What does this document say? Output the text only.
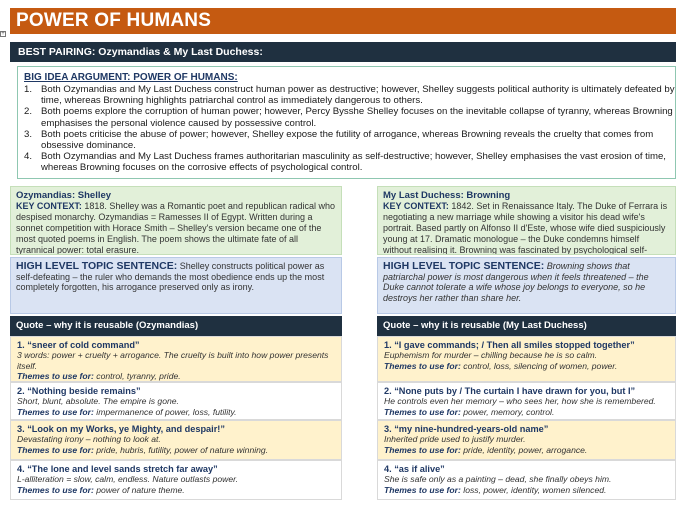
+
POWER OF HUMANS
BEST PAIRING: Ozymandias & My Last Duchess:
BIG IDEA ARGUMENT: POWER OF HUMANS:
1. Both Ozymandias and My Last Duchess construct human power as destructive; however, Shelley suggests political authority is ultimately defeated by
time, whereas Browning highlights patriarchal control as immediately dangerous to others.
2. Both poems explore the corruption of human power; however, Percy Bysshe Shelley focuses on the inevitable collapse of tyranny, whereas Browning
emphasises the personal violence caused by possessive control.
3. Both poets criticise the abuse of power; however, Shelley expose the futility of arrogance, whereas Browning reveals the cruelty that comes from
obsessive dominance.
4. Both Ozymandias and My Last Duchess frames authoritarian masculinity as self-destructive; however, Shelley emphasises the vast erosion of time,
whereas Browning focuses on the corrosive effects of psychological control.
Ozymandias: Shelley
KEY CONTEXT: 1818. Shelley was a Romantic poet and republican radical who despised monarchy. Ozymandias = Ramesses II of Egypt. Written during a sonnet competition with Horace Smith – Shelley's version became one of the most quoted poems in English. The poem shows the ultimate fate of all tyrannical power: total erasure.
HIGH LEVEL TOPIC SENTENCE: Shelley constructs political power as self-defeating – the ruler who demands the most obedience ends up the most completely forgotten, his arrogance preserved only as irony.
Quote – why it is reusable (Ozymandias)
1. “sneer of cold command”
3 words: power + cruelty + arrogance. The cruelty is built into how power presents itself.
Themes to use for: control, tyranny, pride.
2. “Nothing beside remains”
Short, blunt, absolute. The empire is gone.
Themes to use for: impermanence of power, loss, futility.
3. “Look on my Works, ye Mighty, and despair!”
Devastating irony – nothing to look at.
Themes to use for: pride, hubris, futility, power of nature winning.
4. “The lone and level sands stretch far away”
L-alliteration = slow, calm, endless. Nature outlasts power.
Themes to use for: power of nature theme.
My Last Duchess: Browning
KEY CONTEXT: 1842. Set in Renaissance Italy. The Duke of Ferrara is negotiating a new marriage while showing a visitor his dead wife's portrait. Based partly on Alfonso II d'Este, whose wife died suspiciously young at 17. Dramatic monologue – the Duke condemns himself without realising it. Browning was fascinated by psychological self-
HIGH LEVEL TOPIC SENTENCE: Browning shows that patriarchal power is most dangerous when it feels threatened – the Duke cannot tolerate a wife whose joy belongs to everyone, so he destroys her rather than share her.
Quote – why it is reusable (My Last Duchess)
1. “I gave commands; / Then all smiles stopped together”
Euphemism for murder – chilling because he is so calm.
Themes to use for: control, loss, silencing of women, power.
2. “None puts by / The curtain I have drawn for you, but I”
He controls even her memory – who sees her, how she is remembered.
Themes to use for: power, memory, control.
3. “my nine-hundred-years-old name”
Inherited pride used to justify murder.
Themes to use for: pride, identity, power, arrogance.
4. “as if alive”
She is safe only as a painting – dead, she finally obeys him.
Themes to use for: loss, power, identity, women silenced.
